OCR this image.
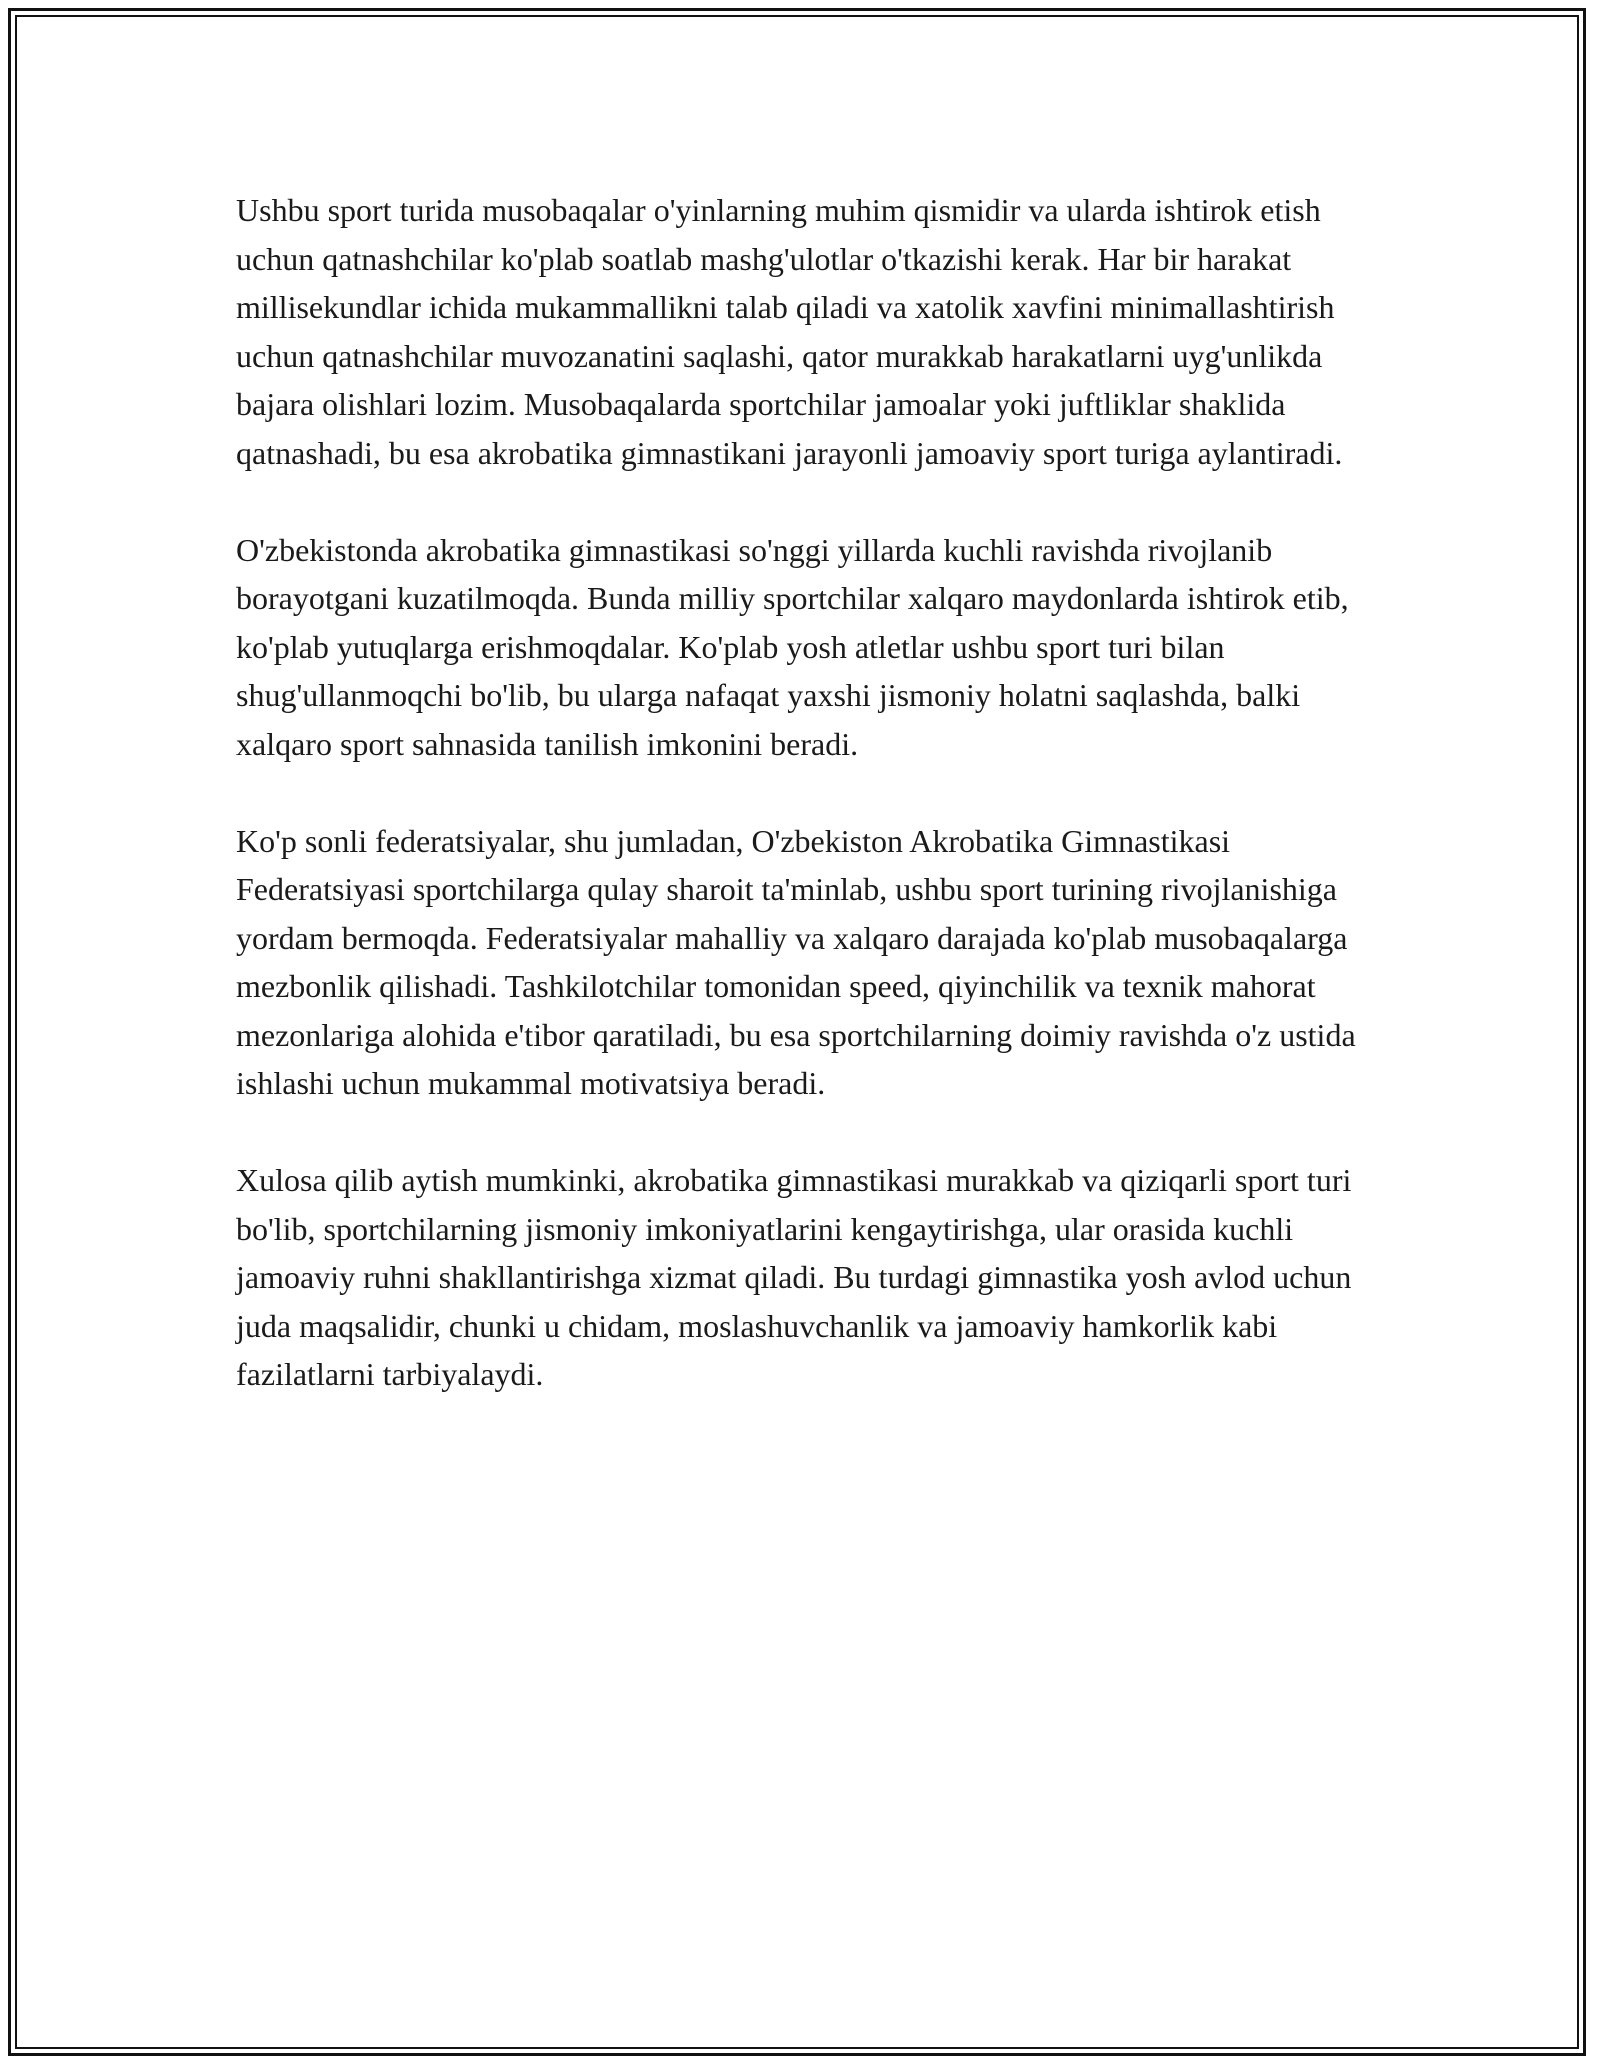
Ushbu sport turida musobaqalar o'yinlarning muhim qismidir va ularda ishtirok etish uchun qatnashchilar ko'plab soatlab mashg'ulotlar o'tkazishi kerak. Har bir harakat millisekundlar ichida mukammallikni talab qiladi va xatolik xavfini minimallashtirish uchun qatnashchilar muvozanatini saqlashi, qator murakkab harakatlarni uyg'unlikda bajara olishlari lozim. Musobaqalarda sportchilar jamoalar yoki juftliklar shaklida qatnashadi, bu esa akrobatika gimnastikani jarayonli jamoaviy sport turiga aylantiradi.

O'zbekistonda akrobatika gimnastikasi so'nggi yillarda kuchli ravishda rivojlanib borayotgani kuzatilmoqda. Bunda milliy sportchilar xalqaro maydonlarda ishtirok etib, ko'plab yutuqlarga erishmoqdalar. Ko'plab yosh atletlar ushbu sport turi bilan shug'ullanmoqchi bo'lib, bu ularga nafaqat yaxshi jismoniy holatni saqlashda, balki xalqaro sport sahnasida tanilish imkonini beradi.

Ko'p sonli federatsiyalar, shu jumladan, O'zbekiston Akrobatika Gimnastikasi Federatsiyasi sportchilarga qulay sharoit ta'minlab, ushbu sport turining rivojlanishiga yordam bermoqda. Federatsiyalar mahalliy va xalqaro darajada ko'plab musobaqalarga mezbonlik qilishadi. Tashkilotchilar tomonidan speed, qiyinchilik va texnik mahorat mezonlariga alohida e'tibor qaratiladi, bu esa sportchilarning doimiy ravishda o'z ustida ishlashi uchun mukammal motivatsiya beradi.

Xulosa qilib aytish mumkinki, akrobatika gimnastikasi murakkab va qiziqarli sport turi bo'lib, sportchilarning jismoniy imkoniyatlarini kengaytirishga, ular orasida kuchli jamoaviy ruhni shakllantirishga xizmat qiladi. Bu turdagi gimnastika yosh avlod uchun juda maqsalidir, chunki u chidam, moslashuvchanlik va jamoaviy hamkorlik kabi fazilatlarni tarbiyalaydi.
